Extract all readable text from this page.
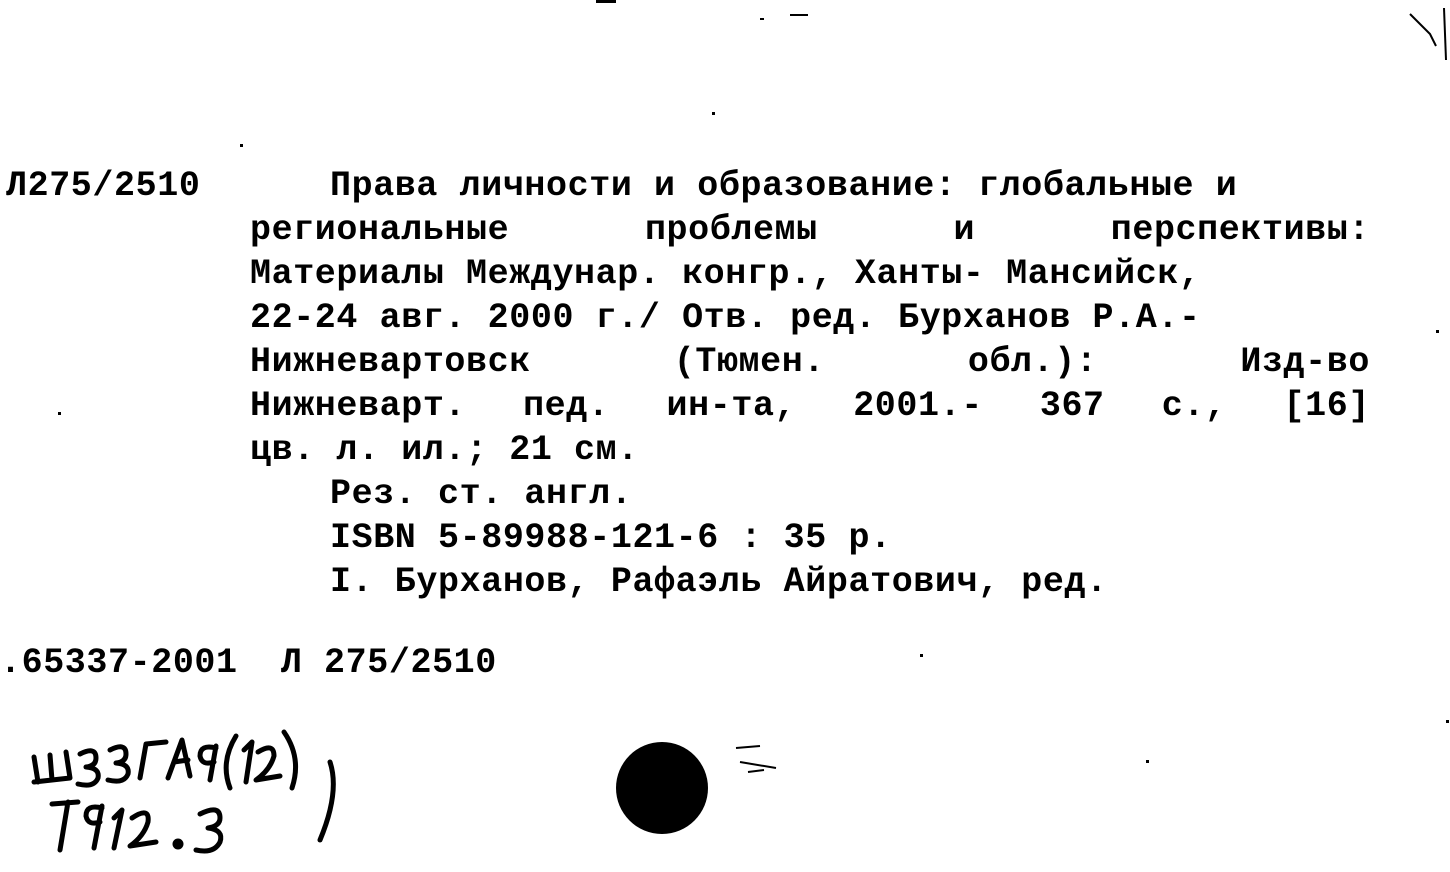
Л275/2510	Права личности и образование: глобальные и
региональные	проблемы	и	перспективы:
Материалы Междунар. конгр., Ханты- Мансийск,
22-24 авг. 2000 г./ Отв. ред. Бурханов Р.А.-
Нижневартовск	(Тюмен.	обл.):	Изд-во
Нижневарт. пед. ин-та, 2001.- 367 с., [16]
цв. л. ил.; 21 см.
Рез. ст. англ.
ISBN 5-89988-121-6 : 35 р.
I. Бурханов, Рафаэль Айратович, ред.
.65337-2001  Л 275/2510
